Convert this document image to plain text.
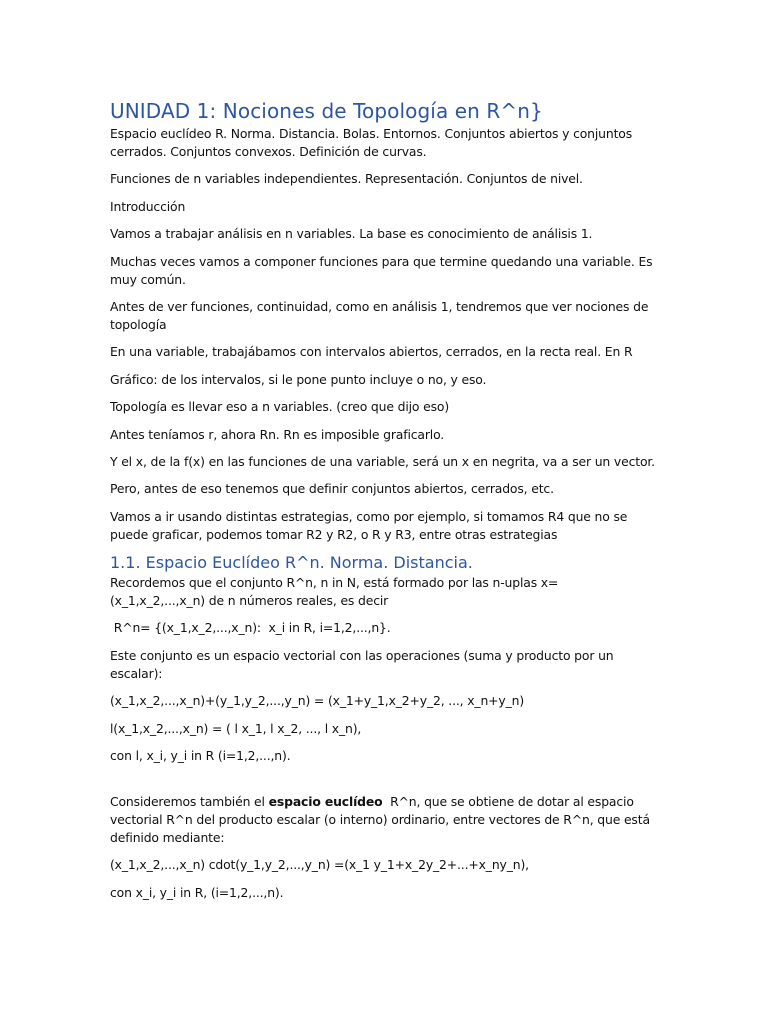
UNIDAD 1: Nociones de Topología en R^n}

Espacio euclídeo R. Norma. Distancia. Bolas. Entornos. Conjuntos abiertos y conjuntos cerrados. Conjuntos convexos. Definición de curvas.

Funciones de n variables independientes. Representación. Conjuntos de nivel.

Introducción

Vamos a trabajar análisis en n variables. La base es conocimiento de análisis 1.

Muchas veces vamos a componer funciones para que termine quedando una variable. Es muy común.

Antes de ver funciones, continuidad, como en análisis 1, tendremos que ver nociones de topología

En una variable, trabajábamos con intervalos abiertos, cerrados, en la recta real. En R

Gráfico: de los intervalos, si le pone punto incluye o no, y eso.

Topología es llevar eso a n variables. (creo que dijo eso)

Antes teníamos r, ahora Rn. Rn es imposible graficarlo.

Y el x, de la f(x) en las funciones de una variable, será un x en negrita, va a ser un vector.

Pero, antes de eso tenemos que definir conjuntos abiertos, cerrados, etc.

Vamos a ir usando distintas estrategias, como por ejemplo, si tomamos R4 que no se puede graficar, podemos tomar R2 y R2, o R y R3, entre otras estrategias

1.1. Espacio Euclídeo R^n. Norma. Distancia.

Recordemos que el conjunto R^n, n in N, está formado por las n-uplas x= (x_1,x_2,...,x_n) de n números reales, es decir

R^n= {(x_1,x_2,...,x_n):  x_i in R, i=1,2,...,n}.

Este conjunto es un espacio vectorial con las operaciones (suma y producto por un escalar):

(x_1,x_2,...,x_n)+(y_1,y_2,...,y_n) = (x_1+y_1,x_2+y_2, ..., x_n+y_n)

l(x_1,x_2,...,x_n) = ( l x_1, l x_2, ..., l x_n),

con l, x_i, y_i in R (i=1,2,...,n).

Consideremos también el espacio euclídeo  R^n, que se obtiene de dotar al espacio vectorial R^n del producto escalar (o interno) ordinario, entre vectores de R^n, que está definido mediante:

(x_1,x_2,...,x_n) cdot(y_1,y_2,...,y_n) =(x_1 y_1+x_2y_2+...+x_ny_n),

con x_i, y_i in R, (i=1,2,...,n).
